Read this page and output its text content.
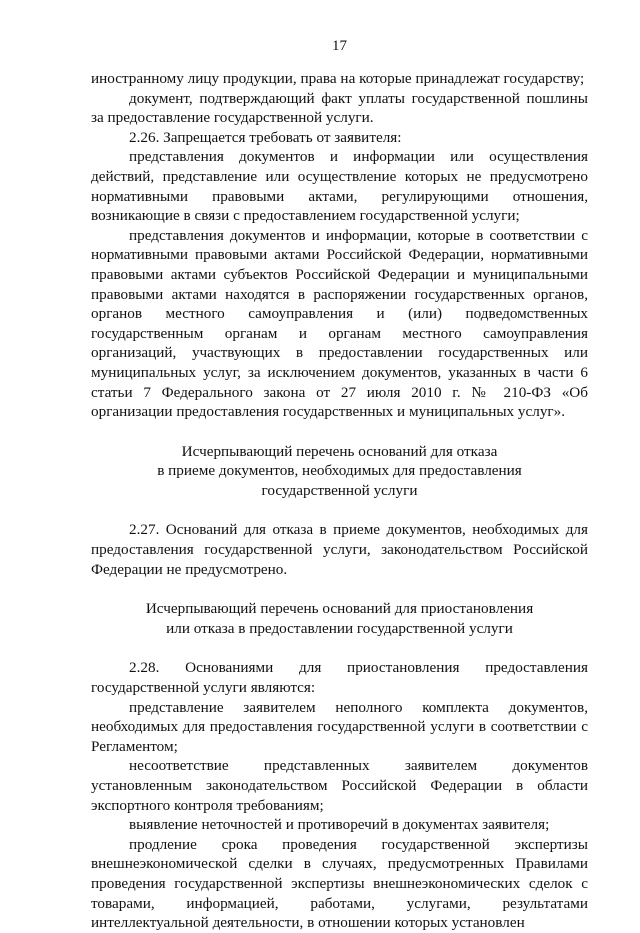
17

иностранному лицу продукции, права на которые принадлежат государству;

документ, подтверждающий факт уплаты государственной пошлины за предоставление государственной услуги.

2.26. Запрещается требовать от заявителя:

представления документов и информации или осуществления действий, представление или осуществление которых не предусмотрено нормативными правовыми актами, регулирующими отношения, возникающие в связи с предоставлением государственной услуги;

представления документов и информации, которые в соответствии с нормативными правовыми актами Российской Федерации, нормативными правовыми актами субъектов Российской Федерации и муниципальными правовыми актами находятся в распоряжении государственных органов, органов местного самоуправления и (или) подведомственных государственным органам и органам местного самоуправления организаций, участвующих в предоставлении государственных или муниципальных услуг, за исключением документов, указанных в части 6 статьи 7 Федерального закона от 27 июля 2010 г. № 210-ФЗ «Об организации предоставления государственных и муниципальных услуг».

Исчерпывающий перечень оснований для отказа
в приеме документов, необходимых для предоставления
государственной услуги

2.27. Оснований для отказа в приеме документов, необходимых для предоставления государственной услуги, законодательством Российской Федерации не предусмотрено.

Исчерпывающий перечень оснований для приостановления
или отказа в предоставлении государственной услуги

2.28. Основаниями для приостановления предоставления государственной услуги являются:

представление заявителем неполного комплекта документов, необходимых для предоставления государственной услуги в соответствии с Регламентом;

несоответствие представленных заявителем документов установленным законодательством Российской Федерации в области экспортного контроля требованиям;

выявление неточностей и противоречий в документах заявителя;

продление срока проведения государственной экспертизы внешнеэкономической сделки в случаях, предусмотренных Правилами проведения государственной экспертизы внешнеэкономических сделок с товарами, информацией, работами, услугами, результатами интеллектуальной деятельности, в отношении которых установлен
